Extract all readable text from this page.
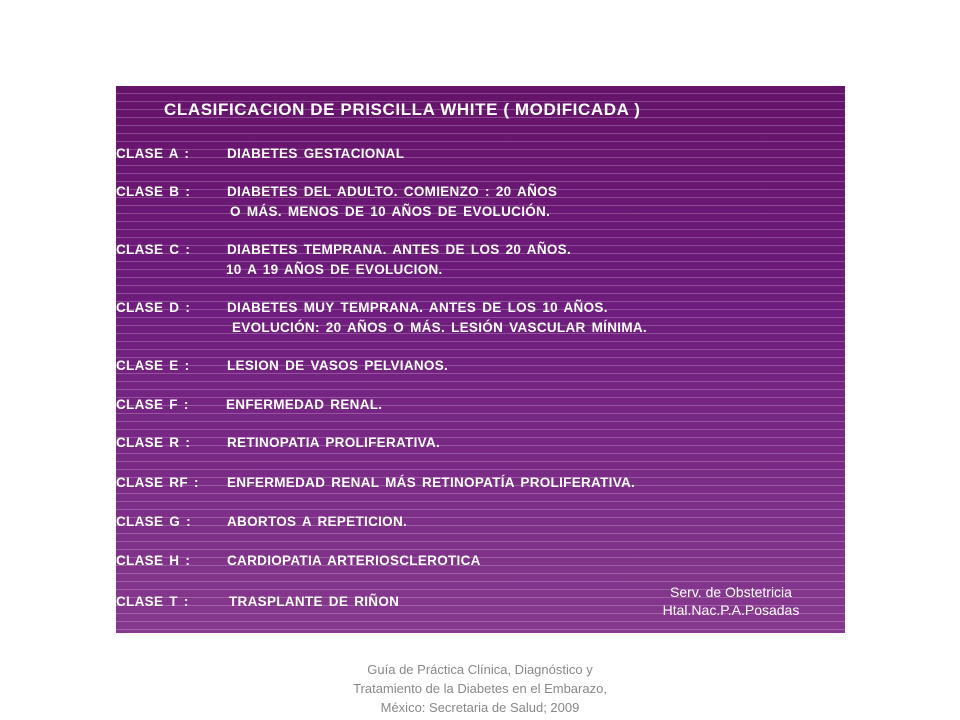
CLASIFICACION DE PRISCILLA WHITE ( MODIFICADA )
CLASE A :	DIABETES GESTACIONAL
CLASE B :	DIABETES DEL ADULTO. COMIENZO : 20 AÑOS
O MÁS. MENOS DE 10 AÑOS DE EVOLUCIÓN.
CLASE C :	DIABETES TEMPRANA. ANTES DE LOS 20 AÑOS.
10 A 19 AÑOS DE EVOLUCION.
CLASE D :	DIABETES MUY TEMPRANA. ANTES DE LOS 10 AÑOS.
EVOLUCIÓN: 20 AÑOS O MÁS. LESIÓN VASCULAR MÍNIMA.
CLASE E :	LESION DE VASOS PELVIANOS.
CLASE F :	ENFERMEDAD RENAL.
CLASE R :	RETINOPATIA PROLIFERATIVA.
CLASE RF : ENFERMEDAD RENAL MÁS RETINOPATÍA PROLIFERATIVA.
CLASE G :	ABORTOS A REPETICION.
CLASE H :	CARDIOPATIA ARTERIOSCLEROTICA
CLASE T :	TRASPLANTE DE RIÑON
Serv. de Obstetricia
Htal.Nac.P.A.Posadas
Guía de Práctica Clínica, Diagnóstico y
Tratamiento de la Diabetes en el Embarazo,
México: Secretaria de Salud; 2009
